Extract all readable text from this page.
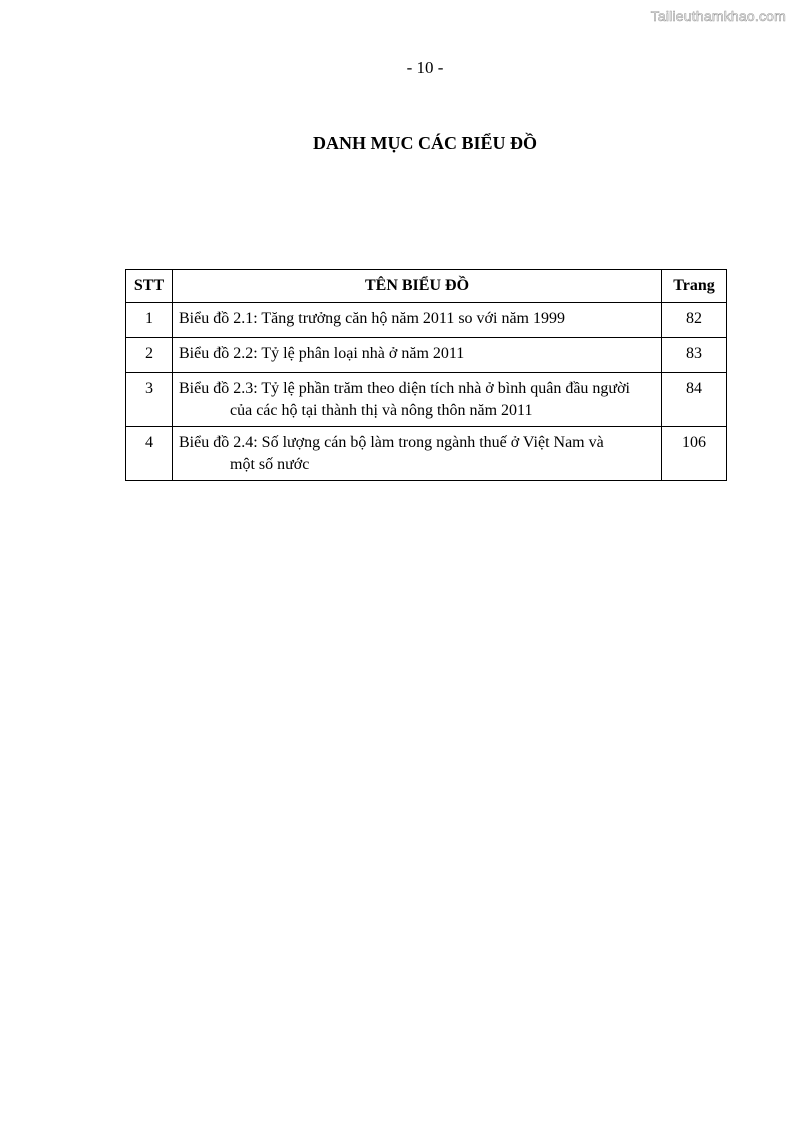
Tailieuthamkhao.com
- 10 -
DANH MỤC CÁC BIỂU ĐỒ
STT	TÊN BIỂU ĐỒ	Trang
1	Biểu đồ 2.1: Tăng trưởng căn hộ năm 2011 so với năm 1999	82
2	Biểu đồ 2.2: Tỷ lệ phân loại nhà ở năm 2011	83
3	Biểu đồ 2.3: Tỷ lệ phần trăm theo diện tích nhà ở bình quân đầu người
của các hộ tại thành thị và nông thôn năm 2011	84
4	Biểu đồ 2.4: Số lượng cán bộ làm trong ngành thuế ở Việt Nam và
một số nước	106
